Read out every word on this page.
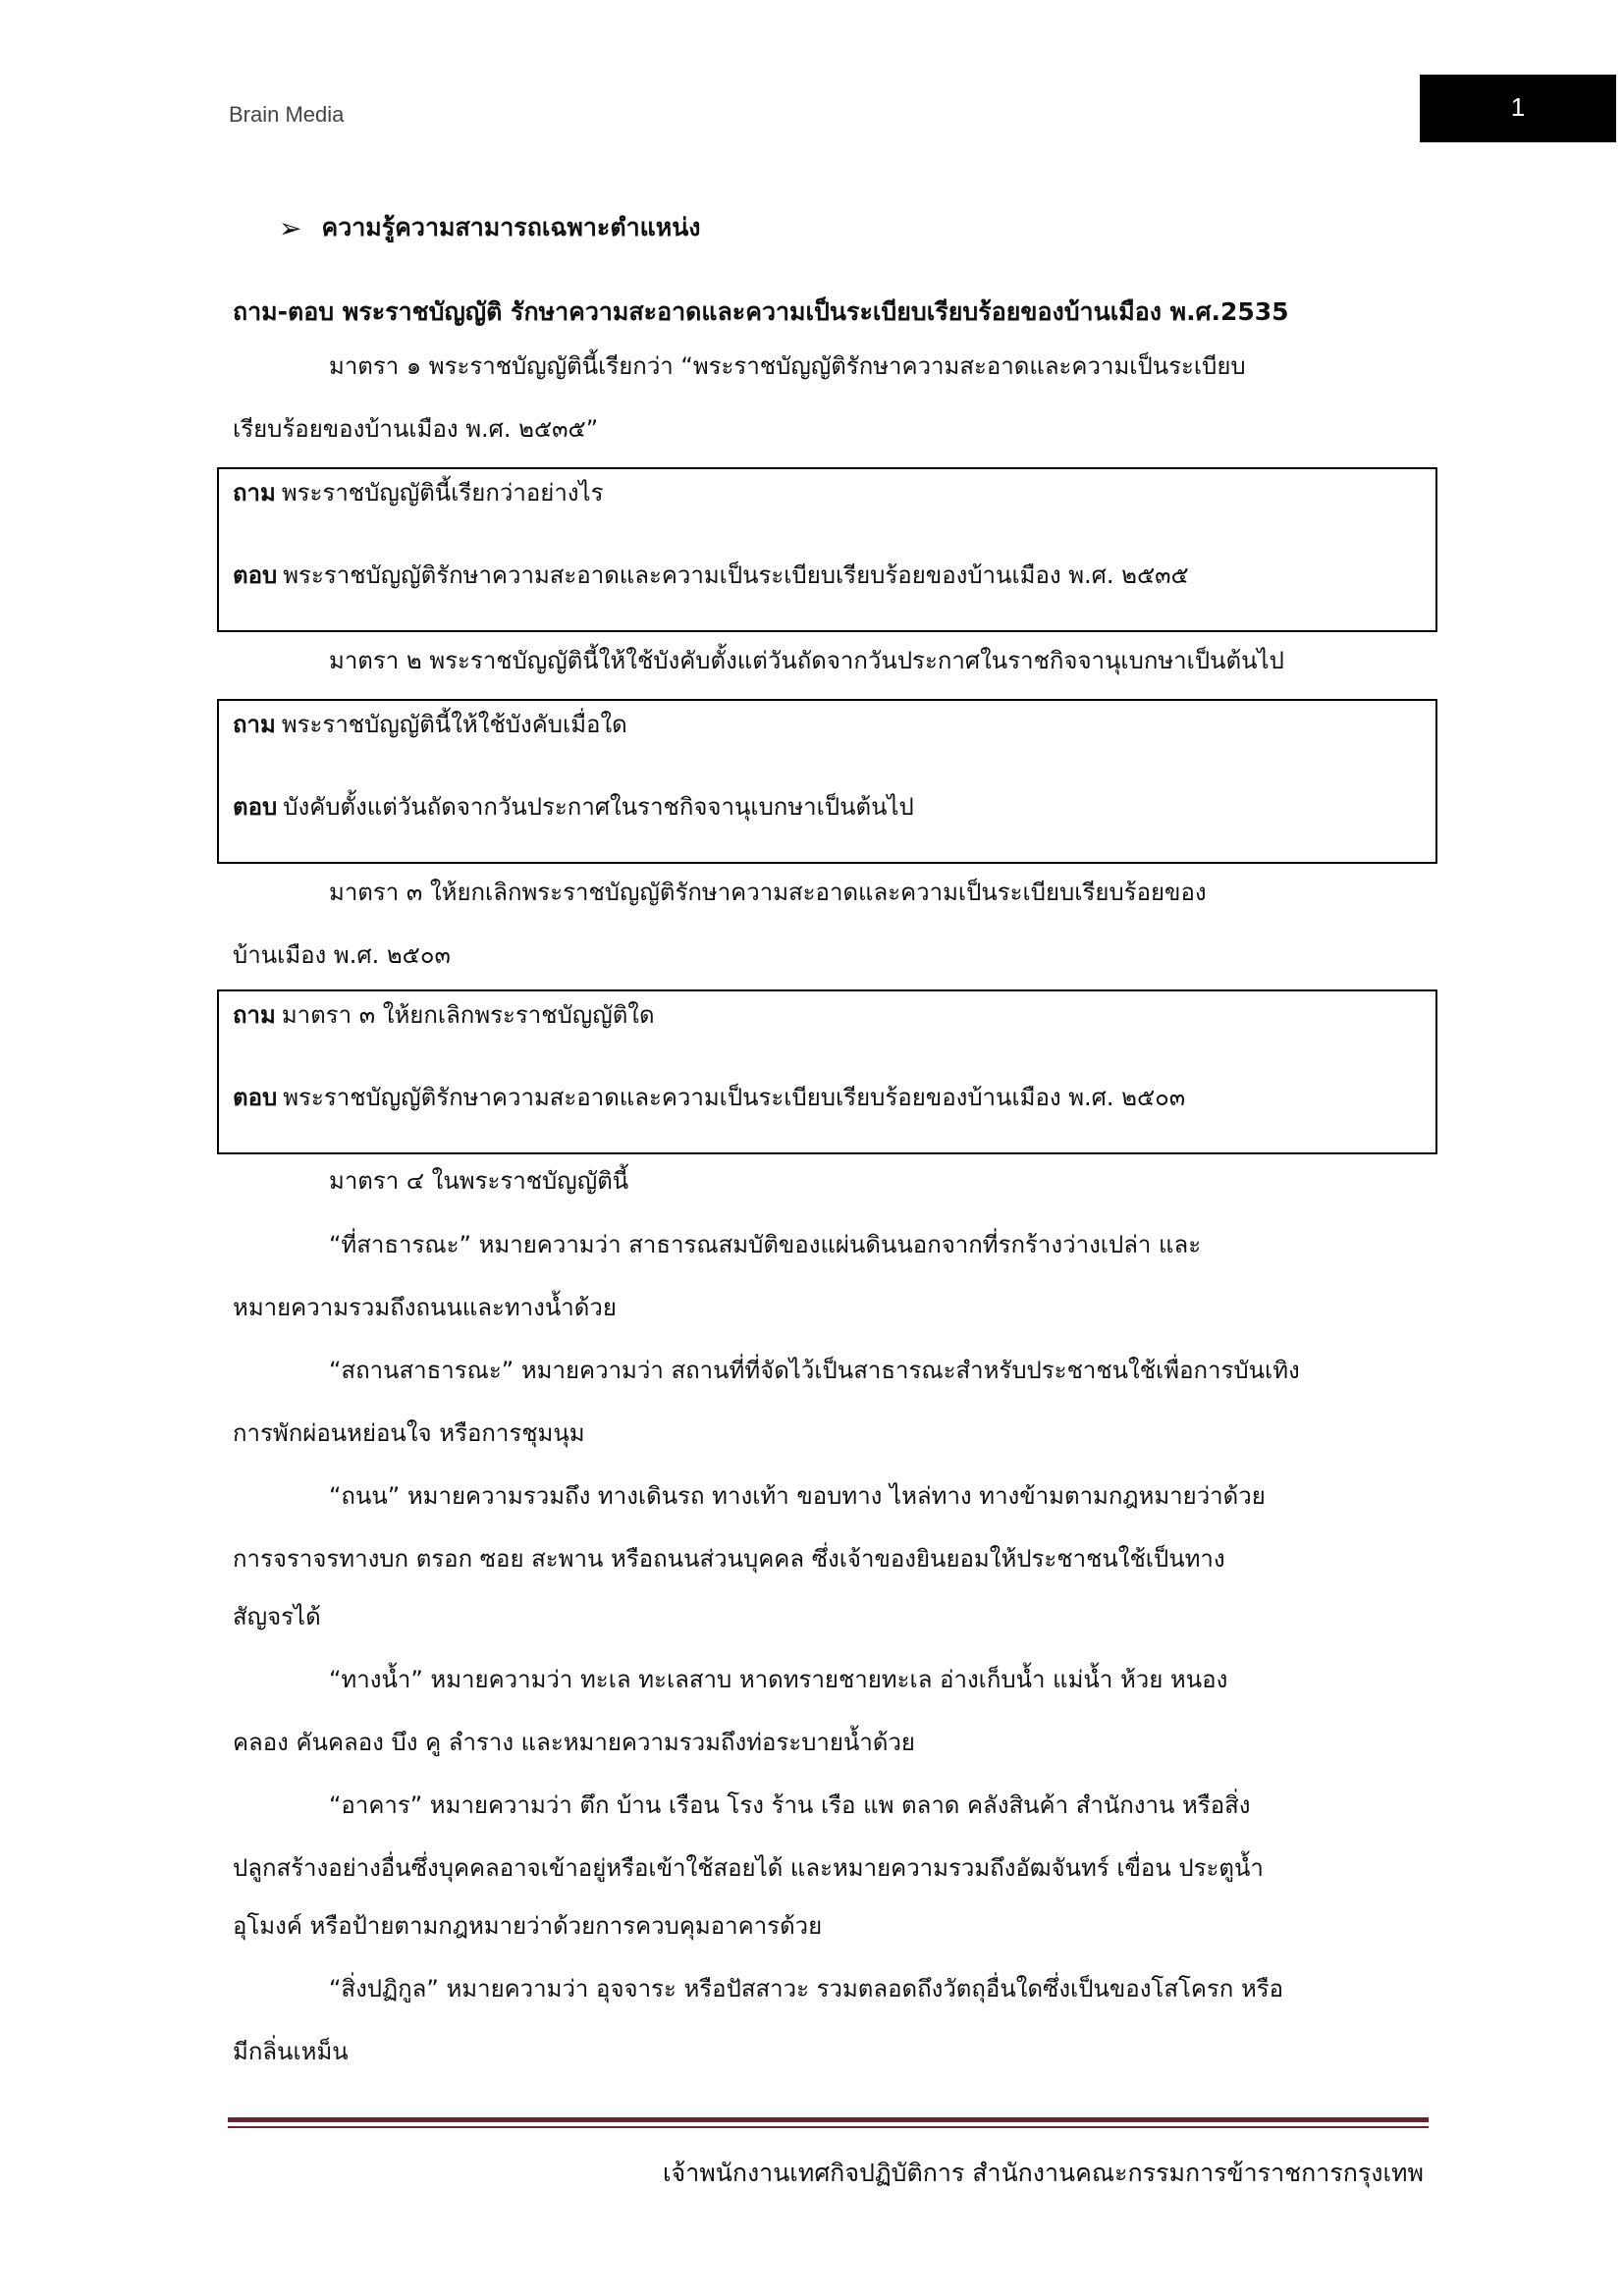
Brain Media	1
➢ ความรู้ความสามารถเฉพาะตำแหน่ง
ถาม-ตอบ พระราชบัญญัติ รักษาความสะอาดและความเป็นระเบียบเรียบร้อยของบ้านเมือง พ.ศ.2535
มาตรา ๑ พระราชบัญญัตินี้เรียกว่า “พระราชบัญญัติรักษาความสะอาดและความเป็นระเบียบ
เรียบร้อยของบ้านเมือง พ.ศ. ๒๕๓๕”
ถาม พระราชบัญญัตินี้เรียกว่าอย่างไร
ตอบ พระราชบัญญัติรักษาความสะอาดและความเป็นระเบียบเรียบร้อยของบ้านเมือง พ.ศ. ๒๕๓๕
มาตรา ๒ พระราชบัญญัตินี้ให้ใช้บังคับตั้งแต่วันถัดจากวันประกาศในราชกิจจานุเบกษาเป็นต้นไป
ถาม พระราชบัญญัตินี้ให้ใช้บังคับเมื่อใด
ตอบ บังคับตั้งแต่วันถัดจากวันประกาศในราชกิจจานุเบกษาเป็นต้นไป
มาตรา ๓ ให้ยกเลิกพระราชบัญญัติรักษาความสะอาดและความเป็นระเบียบเรียบร้อยของ
บ้านเมือง พ.ศ. ๒๕๐๓
ถาม มาตรา ๓ ให้ยกเลิกพระราชบัญญัติใด
ตอบ พระราชบัญญัติรักษาความสะอาดและความเป็นระเบียบเรียบร้อยของบ้านเมือง พ.ศ. ๒๕๐๓
มาตรา ๔ ในพระราชบัญญัตินี้
“ที่สาธารณะ” หมายความว่า สาธารณสมบัติของแผ่นดินนอกจากที่รกร้างว่างเปล่า และ
หมายความรวมถึงถนนและทางน้ำด้วย
“สถานสาธารณะ” หมายความว่า สถานที่ที่จัดไว้เป็นสาธารณะสำหรับประชาชนใช้เพื่อการบันเทิง
การพักผ่อนหย่อนใจ หรือการชุมนุม
“ถนน” หมายความรวมถึง ทางเดินรถ ทางเท้า ขอบทาง ไหล่ทาง ทางข้ามตามกฎหมายว่าด้วย
การจราจรทางบก ตรอก ซอย สะพาน หรือถนนส่วนบุคคล ซึ่งเจ้าของยินยอมให้ประชาชนใช้เป็นทาง
สัญจรได้
“ทางน้ำ” หมายความว่า ทะเล ทะเลสาบ หาดทรายชายทะเล อ่างเก็บน้ำ แม่น้ำ ห้วย หนอง
คลอง คันคลอง บึง คู ลำราง และหมายความรวมถึงท่อระบายน้ำด้วย
“อาคาร” หมายความว่า ตึก บ้าน เรือน โรง ร้าน เรือ แพ ตลาด คลังสินค้า สำนักงาน หรือสิ่ง
ปลูกสร้างอย่างอื่นซึ่งบุคคลอาจเข้าอยู่หรือเข้าใช้สอยได้ และหมายความรวมถึงอัฒจันทร์ เขื่อน ประตูน้ำ
อุโมงค์ หรือป้ายตามกฎหมายว่าด้วยการควบคุมอาคารด้วย
“สิ่งปฏิกูล” หมายความว่า อุจจาระ หรือปัสสาวะ รวมตลอดถึงวัตถุอื่นใดซึ่งเป็นของโสโครก หรือ
มีกลิ่นเหม็น
เจ้าพนักงานเทศกิจปฏิบัติการ สำนักงานคณะกรรมการข้าราชการกรุงเทพ
